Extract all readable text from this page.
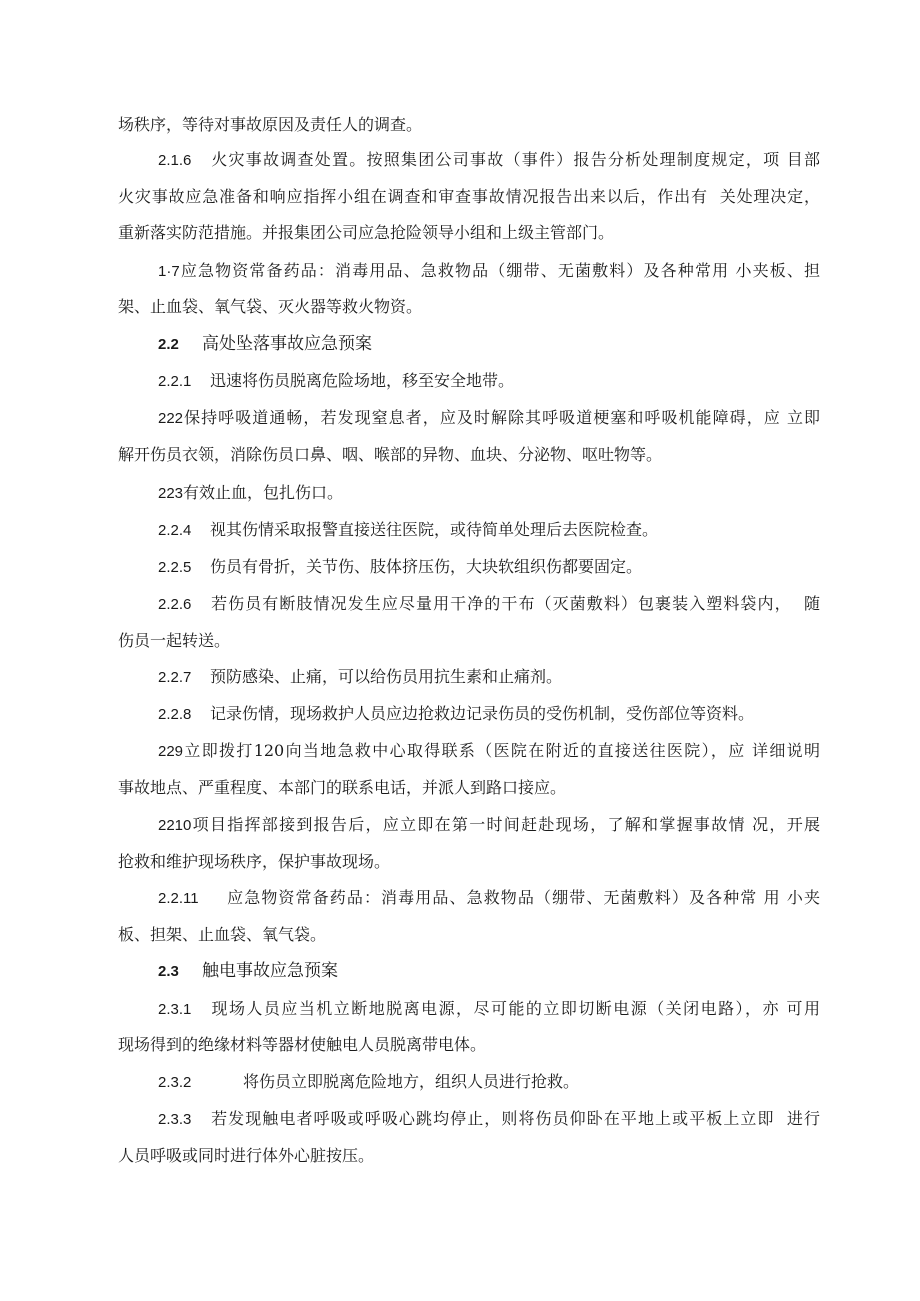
场秩序，等待对事故原因及责任人的调查。
2.1.6 火灾事故调查处置。按照集团公司事故（事件）报告分析处理制度规定，项 目部
火灾事故应急准备和响应指挥小组在调查和审查事故情况报告出来以后，作出有  关处理决定，
重新落实防范措施。并报集团公司应急抢险领导小组和上级主管部门。
1·7应急物资常备药品：消毒用品、急救物品（绷带、无菌敷料）及各种常用 小夹板、担
架、止血袋、氧气袋、灭火器等救火物资。
2.2 高处坠落事故应急预案
2.2.1 迅速将伤员脱离危险场地，移至安全地带。
222保持呼吸道通畅，若发现窒息者，应及时解除其呼吸道梗塞和呼吸机能障碍，应 立即
解开伤员衣领，消除伤员口鼻、咽、喉部的异物、血块、分泌物、呕吐物等。
223有效止血，包扎伤口。
2.2.4 视其伤情采取报警直接送往医院，或待简单处理后去医院检查。
2.2.5 伤员有骨折，关节伤、肢体挤压伤，大块软组织伤都要固定。
2.2.6 若伤员有断肢情况发生应尽量用干净的干布（灭菌敷料）包裹装入塑料袋内，  随
伤员一起转送。
2.2.7 预防感染、止痛，可以给伤员用抗生素和止痛剂。
2.2.8 记录伤情，现场救护人员应边抢救边记录伤员的受伤机制，受伤部位等资料。
229立即拨打120向当地急救中心取得联系（医院在附近的直接送往医院），应 详细说明
事故地点、严重程度、本部门的联系电话，并派人到路口接应。
2210项目指挥部接到报告后，应立即在第一时间赶赴现场，了解和掌握事故情 况，开展
抢救和维护现场秩序，保护事故现场。
2.2.11 应急物资常备药品：消毒用品、急救物品（绷带、无菌敷料）及各种常 用 小夹
板、担架、止血袋、氧气袋。
2.3 触电事故应急预案
2.3.1 现场人员应当机立断地脱离电源，尽可能的立即切断电源（关闭电路），亦 可用
现场得到的绝缘材料等器材使触电人员脱离带电体。
2.3.2	将伤员立即脱离危险地方，组织人员进行抢救。
2.3.3 若发现触电者呼吸或呼吸心跳均停止，则将伤员仰卧在平地上或平板上立即  进行
人员呼吸或同时进行体外心脏按压。
